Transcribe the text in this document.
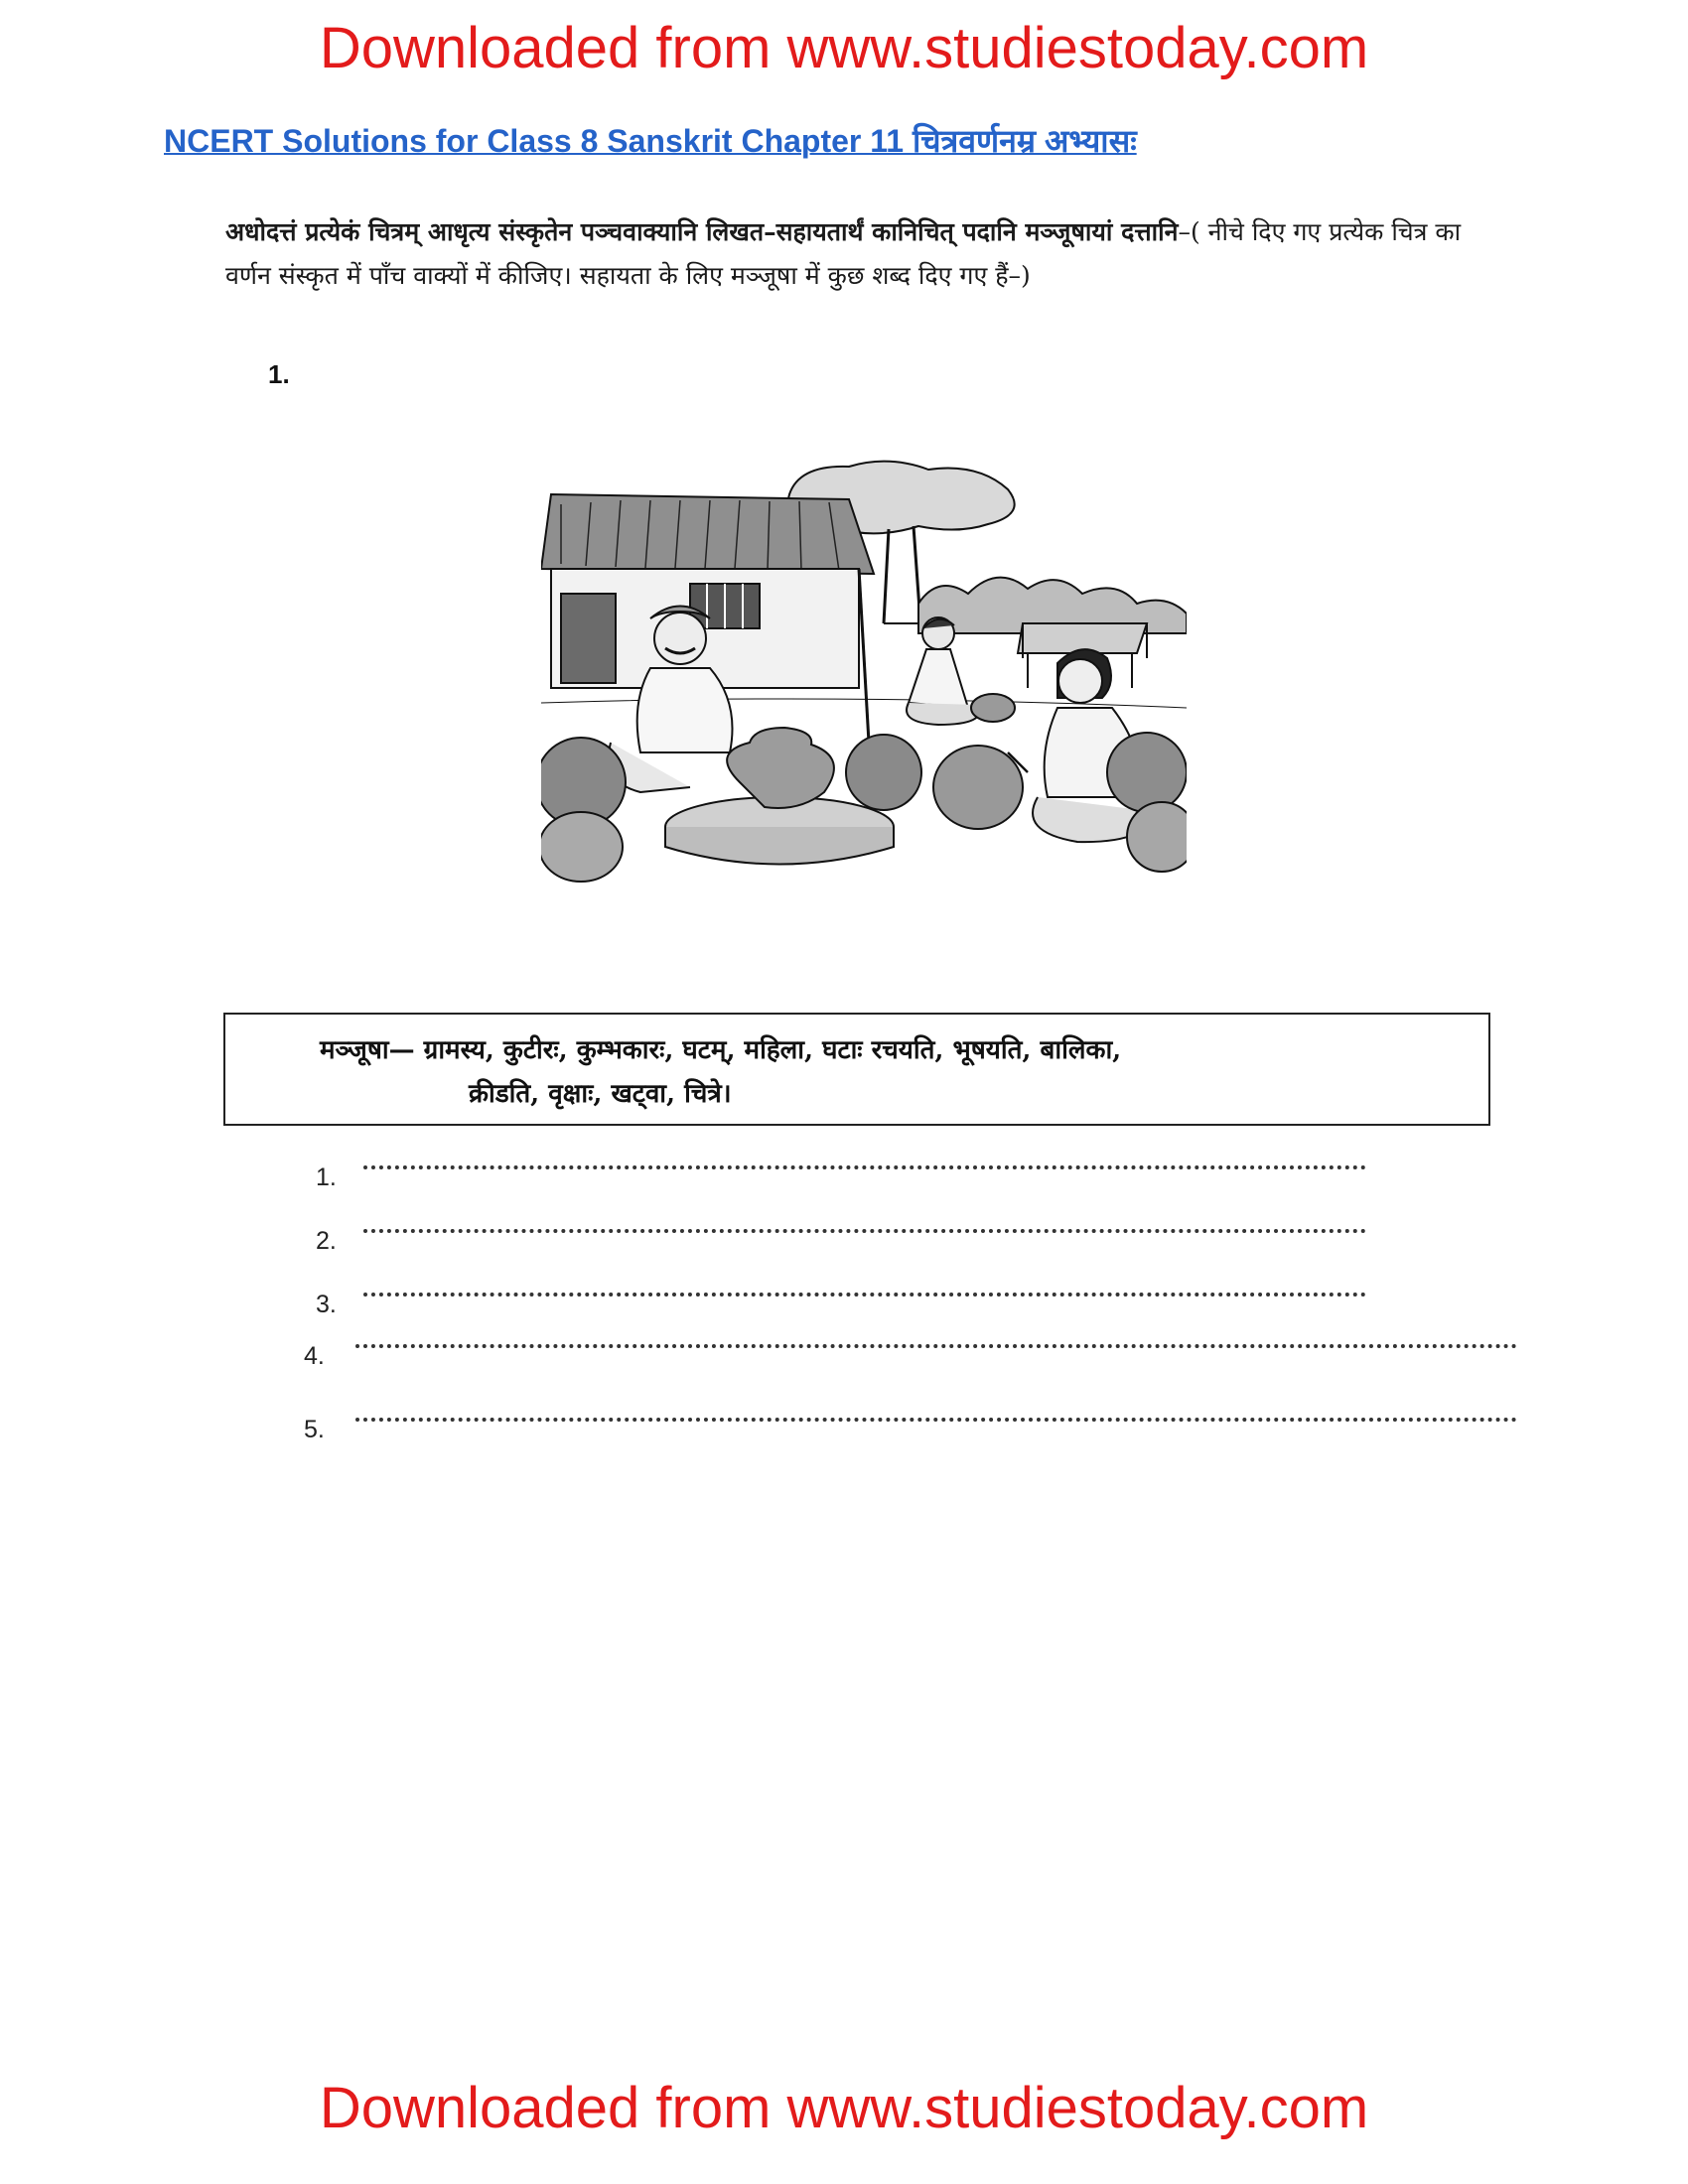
Downloaded from www.studiestoday.com
NCERT Solutions for Class 8 Sanskrit Chapter 11 चित्रवर्णनम्र अभ्यासः
अधोदत्तं प्रत्येकं चित्रम् आधृत्य संस्कृतेन पञ्चवाक्यानि लिखत–सहायतार्थं कानिचित् पदानि मञ्जूषायां दत्तानि–( नीचे दिए गए प्रत्येक चित्र का वर्णन संस्कृत में पाँच वाक्यों में कीजिए। सहायता के लिए मञ्जूषा में कुछ शब्द दिए गए हैं–)
1.
मञ्जूषा— ग्रामस्य, कुटीरः, कुम्भकारः, घटम्, महिला, घटाः रचयति, भूषयति, बालिका,
क्रीडति, वृक्षाः, खट्वा, चित्रे।
1.
2.
3.
4.
5.
Downloaded from www.studiestoday.com
